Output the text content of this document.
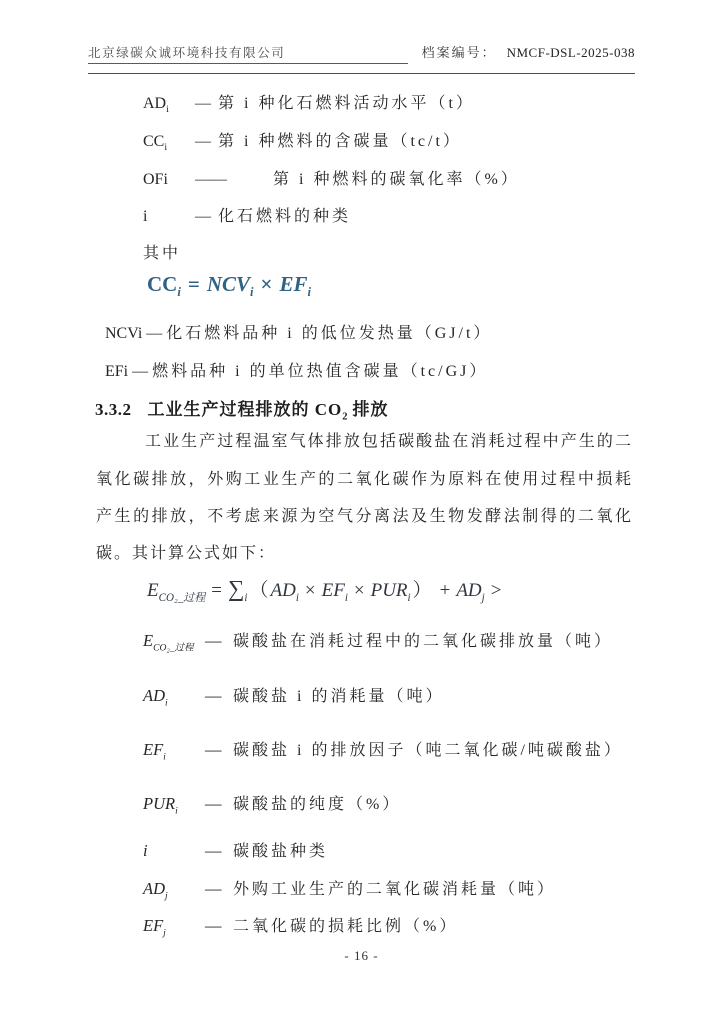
北京绿碳众诚环境科技有限公司	档案编号： NMCF-DSL-2025-038
$AD_i$	— 第 i 种化石燃料活动水平（t）
$CC_i$	— 第 i 种燃料的含碳量（tc/t）
OFi	——	第 i 种燃料的碳氧化率（%）
i	— 化石燃料的种类
其中
$CC_i = NCV_i \times EF_i$
NCVi — 化石燃料品种 i 的低位发热量（GJ/t）
EFi — 燃料品种 i 的单位热值含碳量（tc/GJ）
3.3.2 工业生产过程排放的 $CO_2$ 排放
工业生产过程温室气体排放包括碳酸盐在消耗过程中产生的二
氧化碳排放，外购工业生产的二氧化碳作为原料在使用过程中损耗
产生的排放，不考虑来源为空气分离法及生物发酵法制得的二氧化
碳。其计算公式如下：
$E_{CO_2\_过程} = \sum_i$ （ $AD_i \times EF_i \times PUR_i$ ） + $AD_j$ >
$E_{CO_2\_过程}$ — 碳酸盐在消耗过程中的二氧化碳排放量（吨）
$AD_i$	— 碳酸盐 i 的消耗量（吨）
$EF_i$	— 碳酸盐 i 的排放因子（吨二氧化碳/吨碳酸盐）
$PUR_i$	— 碳酸盐的纯度（%）
i	— 碳酸盐种类
$AD_j$	— 外购工业生产的二氧化碳消耗量（吨）
$EF_j$	— 二氧化碳的损耗比例（%）
- 16 -
